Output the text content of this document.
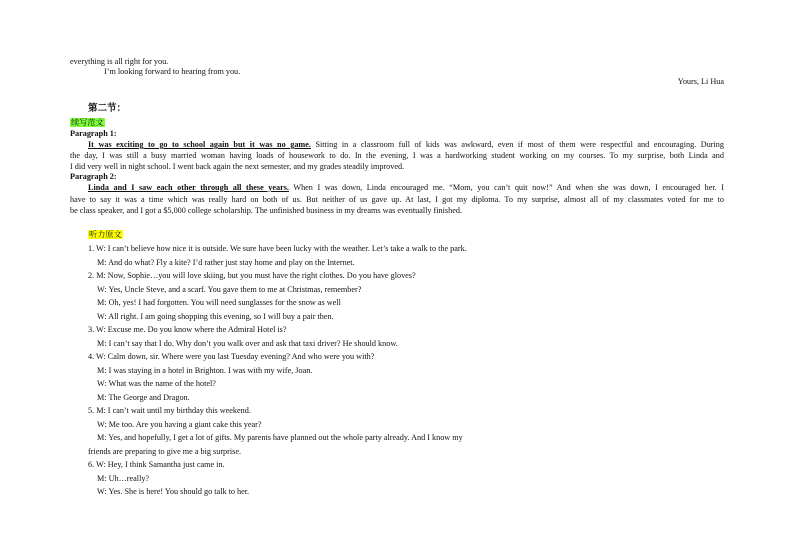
everything is all right for you.
I’m looking forward to hearing from you.
Yours, Li Hua
第二节：
续写范文
Paragraph 1:
It was exciting to go to school again but it was no game. Sitting in a classroom full of kids was awkward, even if most of them were respectful and encouraging. During
the day, I was still a busy married woman having loads of housework to do. In the evening, I was a hardworking student working on my courses. To my surprise, both Linda and
I did very well in night school. I went back again the next semester, and my grades steadily improved.
Paragraph 2:
Linda and I saw each other through all these years. When I was down, Linda encouraged me. “Mom, you can’t quit now!” And when she was down, I encouraged her. I
have to say it was a time which was really hard on both of us. But neither of us gave up. At last, I got my diploma. To my surprise, almost all of my classmates voted for me to
be class speaker, and I got a $5,000 college scholarship. The unfinished business in my dreams was eventually finished.
听力原文
1. W: I can’t believe how nice it is outside. We sure have been lucky with the weather. Let’s take a walk to the park.
M: And do what? Fly a kite? I’d rather just stay home and play on the Internet.
2. M: Now, Sophie…you will love skiing, but you must have the right clothes. Do you have gloves?
W: Yes, Uncle Steve, and a scarf. You gave them to me at Christmas, remember?
M: Oh, yes! I had forgotten. You will need sunglasses for the snow as well
W: All right. I am going shopping this evening, so I will buy a pair then.
3. W: Excuse me. Do you know where the Admiral Hotel is?
M: I can’t say that I do. Why don’t you walk over and ask that taxi driver? He should know.
4. W: Calm down, sir. Where were you last Tuesday evening? And who were you with?
M: I was staying in a hotel in Brighton. I was with my wife, Joan.
W: What was the name of the hotel?
M: The George and Dragon.
5. M: I can’t wait until my birthday this weekend.
W: Me too. Are you having a giant cake this year?
M: Yes, and hopefully, I get a lot of gifts. My parents have planned out the whole party already. And I know my
friends are preparing to give me a big surprise.
6. W: Hey, I think Samantha just came in.
M: Uh…really?
W: Yes. She is here! You should go talk to her.
